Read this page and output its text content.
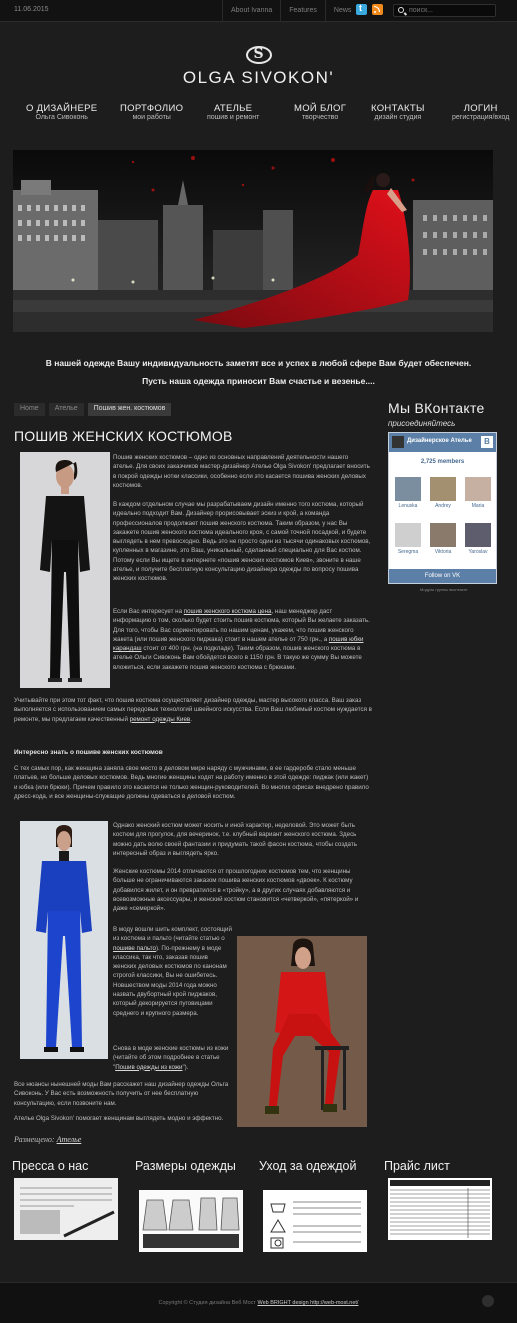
11.06.2015	About Ivanna	Features	News
t
поиск...
S
OLGA SIVOKON'
О ДИЗАЙНЕРЕ
Ольга Сивоконь
ПОРТФОЛИО
мои работы
АТЕЛЬЕ
пошив и ремонт
МОЙ БЛОГ
творчество
КОНТАКТЫ
дизайн студия
ЛОГИН
регистрация/вход

В нашей одежде Вашу индивидуальность заметят все и успех в любой сфере Вам будет обеспечен.

Пусть наша одежда приносит Вам счастье и везенье....

Home	Ателье	Пошив жен. костюмов
ПОШИВ ЖЕНСКИХ КОСТЮМОВ
Пошив женских костюмов – одно из основных направлений деятельности нашего ателье. Для своих заказчиков мастер-дизайнер Ателье Olga Sivokon' предлагает вносить в покрой одежды нотки классики, особенно если это касается пошива женских деловых костюмов.
В каждом отдельном случае мы разрабатываем дизайн именно того костюма, который идеально подходит Вам. Дизайнер прорисовывает эскиз и крой, а команда профессионалов продолжает пошив женского костюма. Таким образом, у нас Вы закажете пошив женского костюма идеального кроя, с самой точной посадкой, и будете выглядеть в нем превосходно. Ведь это не просто один из тысячи одинаковых костюмов, купленных в магазине, это Ваш, уникальный, сделанный специально для Вас костюм. Потому если Вы ищете в интернете «пошив женских костюмов Киев», звоните в наше ателье, и получите бесплатную консультацию дизайнера одежды по вопросу пошива женских костюмов.
Если Вас интересует на пошив женского костюма цена, наш менеджер даст информацию о том, сколько будет стоить пошив костюма, который Вы желаете заказать. Для того, чтобы Вас сориентировать по нашим ценам, укажем, что пошив женского жакета (или пошив женского пиджака) стоит в нашем ателье от 750 грн., а пошив юбки карандаш стоит от 400 грн. (на подкладе). Таким образом, пошив женского костюма в ателье Ольги Сивоконь Вам обойдется всего в 1150 грн. В такую же сумму Вы можете вложиться, если закажете пошив женского костюма с брюками.
Учитывайте при этом тот факт, что пошив костюма осуществляет дизайнер одежды, мастер высокого класса. Ваш заказ выполняется с использованием самых передовых технологий швейного искусства. Если Ваш любимый костюм нуждается в ремонте, мы предлагаем качественный ремонт одежды Киев.
Интересно знать о пошиве женских костюмов
С тех самых пор, как женщина заняла свое место в деловом мире наряду с мужчинами, в ее гардеробе стало меньше платьев, но больше деловых костюмов. Ведь многие женщины ходят на работу именно в этой одежде: пиджак (или жакет) и юбка (или брюки). Причем правило это касается не только женщин-руководителей. Во многих офисах внедрено правило дресс-кода, и все женщины-служащие должны одеваться в деловой костюм.
Однако женский костюм может носить и иной характер, неделовой. Это может быть костюм для прогулок, для вечеринок, т.е. клубный вариант женского костюма. Здесь можно дать волю своей фантазии и придумать такой фасон костюма, чтобы создать интересный образ и выглядеть ярко.
Женские костюмы 2014 отличаются от прошлогодних костюмов тем, что женщины больше не ограничиваются заказом пошива женских костюмов «двоек». К костюму добавился жилет, и он превратился в «тройку», а в других случаях добавляются и всевозможные аксессуары, и женский костюм становится «четверкой», «пятеркой» и даже «семеркой».
В моду вошли шить комплект, состоящий из костюма и пальто (читайте статью о пошиве пальто). По-прежнему в моде классика, так что, заказав пошив женских деловых костюмов по канонам строгой классики, Вы не ошибетесь. Новшеством моды 2014 года можно назвать двубортный крой пиджаков, который декорируется пуговицами среднего и крупного размера.
Снова в моде женские костюмы из кожи (читайте об этом подробнее в статье "Пошив одежды из кожи").
Все нюансы нынешней моды Вам расскажет наш дизайнер одежды Ольга Сивоконь. У Вас есть возможность получить от нее бесплатную консультацию, если позвоните нам.
Ателье Olga Sivokon' помогает женщинам выглядеть модно и эффектно.
Размещено: Ателье
Мы ВКонтакте
присоединяйтесь
Дизайнерское Ателье	В
2,725 members
Lenuska	Andrey	Maria
Seregma	Viktoria	Yaroslav
Follow on VK
Модуль группы вконтакте
Пресса о нас	Размеры одежды	Уход за одеждой	Прайс лист
Copyright © Студия дизайна Веб Мост Web BRIGHT design http://web-most.net/
